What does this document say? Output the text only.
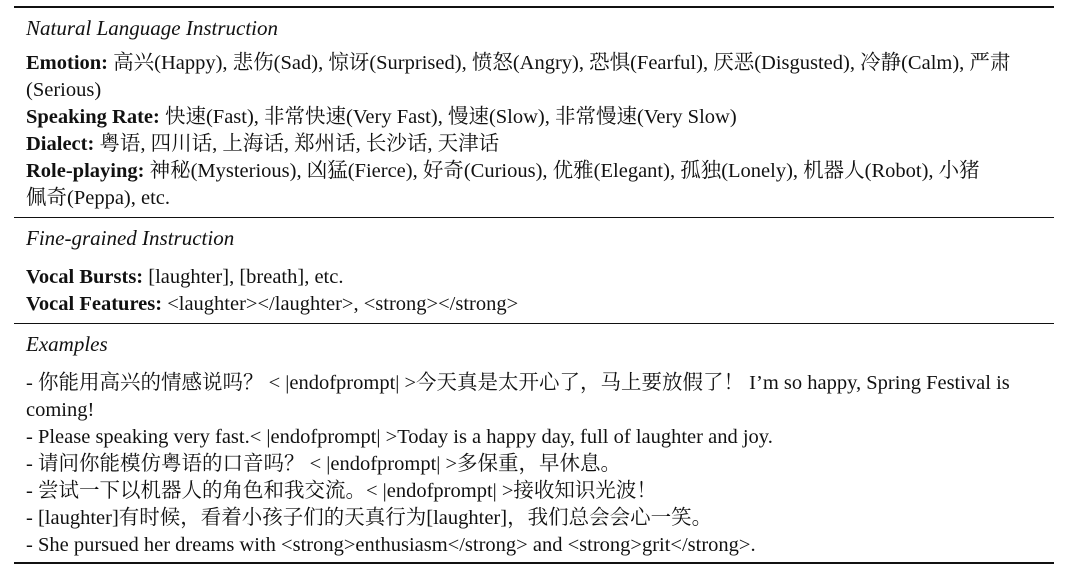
Natural Language Instruction
Emotion: 高兴(Happy), 悲伤(Sad), 惊讶(Surprised), 愤怒(Angry), 恐惧(Fearful), 厌恶(Disgusted), 冷静(Calm), 严肃(Serious)
Speaking Rate: 快速(Fast), 非常快速(Very Fast), 慢速(Slow), 非常慢速(Very Slow)
Dialect: 粤语, 四川话, 上海话, 郑州话, 长沙话, 天津话
Role-playing: 神秘(Mysterious), 凶猛(Fierce), 好奇(Curious), 优雅(Elegant), 孤独(Lonely), 机器人(Robot), 小猪佩奇(Peppa), etc.
Fine-grained Instruction
Vocal Bursts: [laughter], [breath], etc.
Vocal Features: <laughter></laughter>, <strong></strong>
Examples
- 你能用高兴的情感说吗？ < |endofprompt| >今天真是太开心了，马上要放假了！ I’m so happy, Spring Festival is coming!
- Please speaking very fast.< |endofprompt| >Today is a happy day, full of laughter and joy.
- 请问你能模仿粤语的口音吗？ < |endofprompt| >多保重，早休息。
- 尝试一下以机器人的角色和我交流。< |endofprompt| >接收知识光波！
- [laughter]有时候，看着小孩子们的天真行为[laughter]，我们总会会心一笑。
- She pursued her dreams with <strong>enthusiasm</strong> and <strong>grit</strong>.
